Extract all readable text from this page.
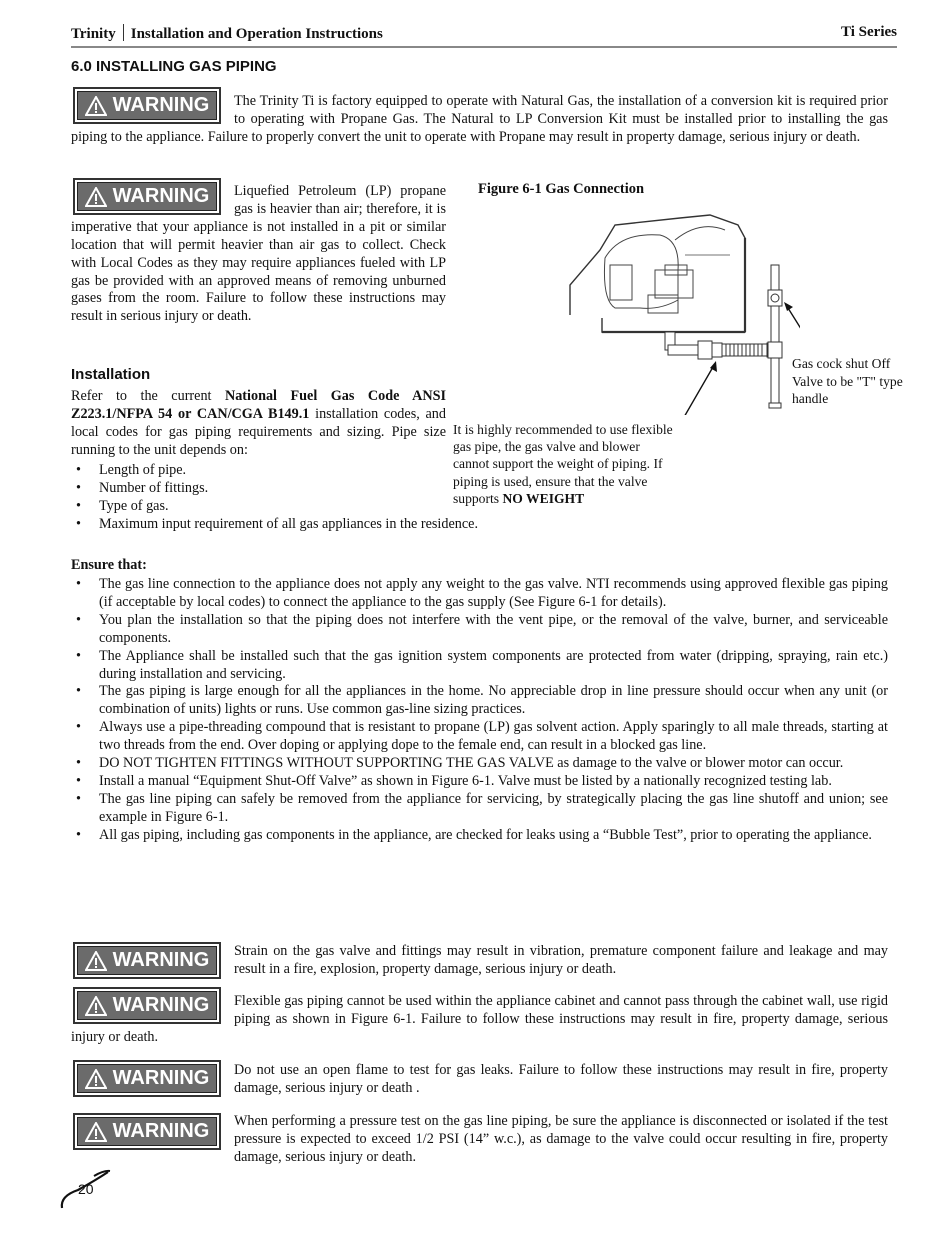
Trinity Installation and Operation Instructions	Ti Series
6.0 INSTALLING GAS PIPING
WARNING	The Trinity Ti is factory equipped to operate with Natural Gas, the installation of a conversion kit is required prior to operating with Propane Gas. The Natural to LP Conversion Kit must be installed prior to installing the gas piping to the appliance. Failure to properly convert the unit to operate with Propane may result in property damage, serious injury or death.
WARNING	Liquefied Petroleum (LP) propane gas is heavier than air; therefore, it is imperative that your appliance is not installed in a pit or similar location that will permit heavier than air gas to collect. Check with Local Codes as they may require appliances fueled with LP gas be provided with an approved means of removing unburned gases from the room. Failure to follow these instructions may result in serious injury or death.
Installation
Refer to the current National Fuel Gas Code ANSI Z223.1/NFPA 54 or CAN/CGA B149.1 installation codes, and local codes for gas piping requirements and sizing. Pipe size running to the unit depends on:
• Length of pipe.
• Number of fittings.
• Type of gas.
• Maximum input requirement of all gas appliances in the residence.
Figure 6-1 Gas Connection
Gas cock shut Off Valve to be "T" type handle
It is highly recommended to use flexible gas pipe, the gas valve and blower cannot support the weight of piping. If piping is used, ensure that the valve supports NO WEIGHT
Ensure that:
• The gas line connection to the appliance does not apply any weight to the gas valve. NTI recommends using approved flexible gas piping (if acceptable by local codes) to connect the appliance to the gas supply (See Figure 6-1 for details).
• You plan the installation so that the piping does not interfere with the vent pipe, or the removal of the valve, burner, and serviceable components.
• The Appliance shall be installed such that the gas ignition system components are protected from water (dripping, spraying, rain etc.) during installation and servicing.
• The gas piping is large enough for all the appliances in the home. No appreciable drop in line pressure should occur when any unit (or combination of units) lights or runs. Use common gas-line sizing practices.
• Always use a pipe-threading compound that is resistant to propane (LP) gas solvent action. Apply sparingly to all male threads, starting at two threads from the end. Over doping or applying dope to the female end, can result in a blocked gas line.
• DO NOT TIGHTEN FITTINGS WITHOUT SUPPORTING THE GAS VALVE as damage to the valve or blower motor can occur.
• Install a manual “Equipment Shut-Off Valve” as shown in Figure 6-1. Valve must be listed by a nationally recognized testing lab.
• The gas line piping can safely be removed from the appliance for servicing, by strategically placing the gas line shutoff and union; see example in Figure 6-1.
• All gas piping, including gas components in the appliance, are checked for leaks using a “Bubble Test”, prior to operating the appliance.
WARNING Strain on the gas valve and fittings may result in vibration, premature component failure and leakage and may result in a fire, explosion, property damage, serious injury or death.
WARNING	Flexible gas piping cannot be used within the appliance cabinet and cannot pass through the cabinet wall, use rigid piping as shown in Figure 6-1. Failure to follow these instructions may result in fire, property damage, serious injury or death.
WARNING Do not use an open flame to test for gas leaks. Failure to follow these instructions may result in fire, property damage, serious injury or death .
WARNING When performing a pressure test on the gas line piping, be sure the appliance is disconnected or isolated if the test pressure is expected to exceed 1/2 PSI (14” w.c.), as damage to the valve could occur resulting in fire, property damage, serious injury or death.
20
